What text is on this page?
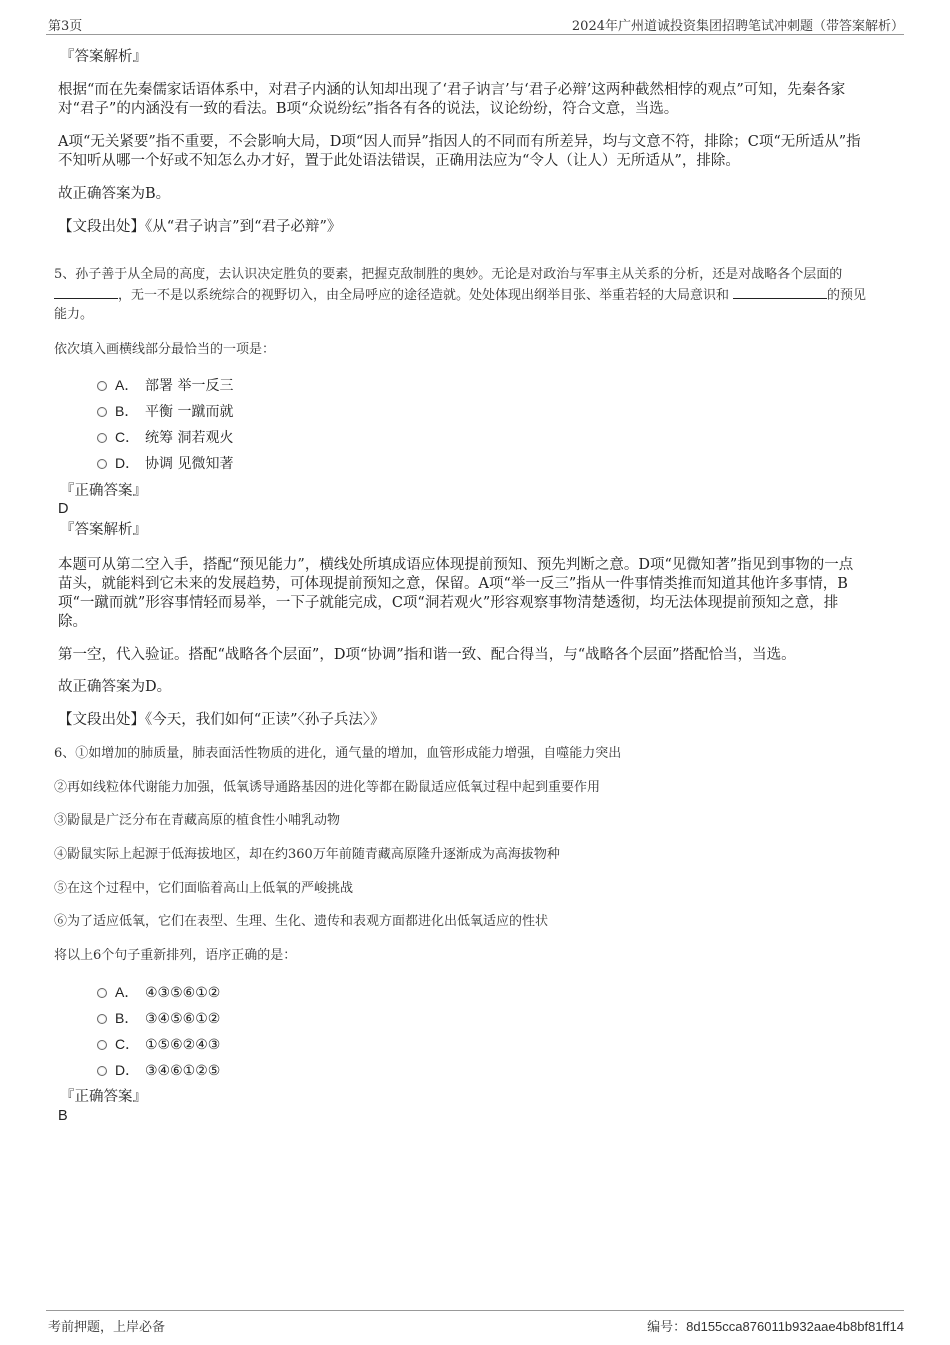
第3页	2024年广州道诚投资集团招聘笔试冲刺题（带答案解析）
『答案解析』
根据“而在先秦儒家话语体系中，对君子内涵的认知却出现了‘君子讷言’与‘君子必辩’这两种截然相悖的观点”可知，先秦各家
对“君子”的内涵没有一致的看法。B项“众说纷纭”指各有各的说法，议论纷纷，符合文意，当选。
A项“无关紧要”指不重要，不会影响大局，D项“因人而异”指因人的不同而有所差异，均与文意不符，排除；C项“无所适从”指
不知听从哪一个好或不知怎么办才好，置于此处语法错误，正确用法应为“令人（让人）无所适从”，排除。
故正确答案为B。
【文段出处】《从“君子讷言”到“君子必辩”》
5、孙子善于从全局的高度，去认识决定胜负的要素，把握克敌制胜的奥妙。无论是对政治与军事主从关系的分析，还是对战略各个层面的
，无一不是以系统综合的视野切入，由全局呼应的途径造就。处处体现出纲举目张、举重若轻的大局意识和	的预见
能力。
依次填入画横线部分最恰当的一项是：
A． 部署 举一反三
B． 平衡 一蹴而就
C． 统筹 洞若观火
D． 协调 见微知著
『正确答案』
D
『答案解析』
本题可从第二空入手，搭配“预见能力”，横线处所填成语应体现提前预知、预先判断之意。D项“见微知著”指见到事物的一点
苗头，就能料到它未来的发展趋势，可体现提前预知之意，保留。A项“举一反三”指从一件事情类推而知道其他许多事情，B
项“一蹴而就”形容事情轻而易举，一下子就能完成，C项“洞若观火”形容观察事物清楚透彻，均无法体现提前预知之意，排
除。
第一空，代入验证。搭配“战略各个层面”，D项“协调”指和谐一致、配合得当，与“战略各个层面”搭配恰当，当选。
故正确答案为D。
【文段出处】《今天，我们如何“正读”〈孙子兵法〉》
6、①如增加的肺质量，肺表面活性物质的进化，通气量的增加，血管形成能力增强，自噬能力突出
②再如线粒体代谢能力加强，低氧诱导通路基因的进化等都在鼢鼠适应低氧过程中起到重要作用
③鼢鼠是广泛分布在青藏高原的植食性小哺乳动物
④鼢鼠实际上起源于低海拔地区，却在约360万年前随青藏高原隆升逐渐成为高海拔物种
⑤在这个过程中，它们面临着高山上低氧的严峻挑战
⑥为了适应低氧，它们在表型、生理、生化、遗传和表观方面都进化出低氧适应的性状
将以上6个句子重新排列，语序正确的是：
A． ④③⑤⑥①②
B． ③④⑤⑥①②
C． ①⑤⑥②④③
D． ③④⑥①②⑤
『正确答案』
B
考前押题，上岸必备	编号：8d155cca876011b932aae4b8bf81ff14
